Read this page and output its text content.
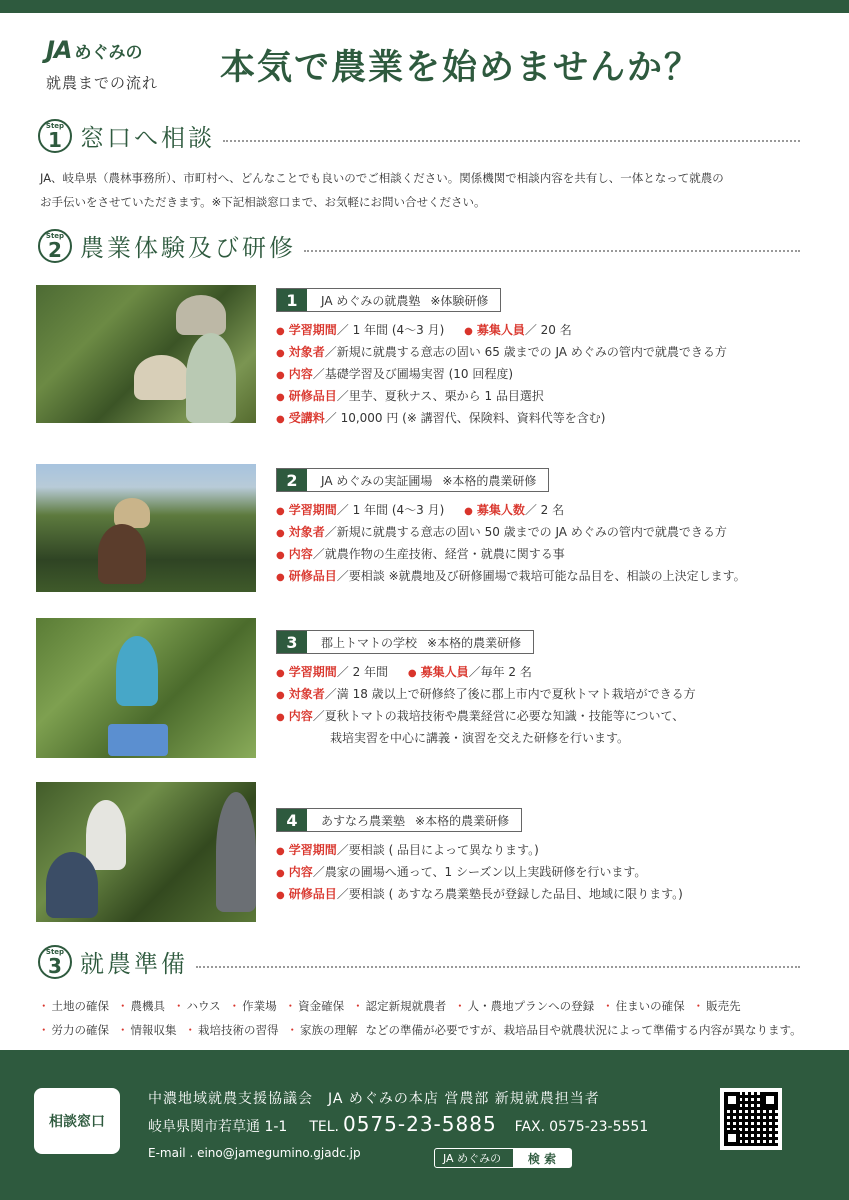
JA めぐみの
就農までの流れ	本気で農業を始めませんか？
Step
1 窓口へ相談
JA、岐阜県（農林事務所）、市町村へ、どんなことでも良いのでご相談ください。関係機関で相談内容を共有し、一体となって就農の
お手伝いをさせていただきます。※下記相談窓口まで、お気軽にお問い合せください。
Step
2 農業体験及び研修
1	JA めぐみの就農塾 ※体験研修
● 学習期間／ 1 年間 (4〜3 月) ● 募集人員／ 20 名
● 対象者／新規に就農する意志の固い 65 歳までの JA めぐみの管内で就農できる方
● 内容／基礎学習及び圃場実習 (10 回程度)
● 研修品目／里芋、夏秋ナス、栗から 1 品目選択
● 受講料／ 10,000 円 (※ 講習代、保険料、資料代等を含む)
2	JA めぐみの実証圃場 ※本格的農業研修
● 学習期間／ 1 年間 (4〜3 月) ● 募集人数／ 2 名
● 対象者／新規に就農する意志の固い 50 歳までの JA めぐみの管内で就農できる方
● 内容／就農作物の生産技術、経営・就農に関する事
● 研修品目／要相談 ※就農地及び研修圃場で栽培可能な品目を、相談の上決定します。
3	郡上トマトの学校 ※本格的農業研修
● 学習期間／ 2 年間 ● 募集人員／毎年 2 名
● 対象者／満 18 歳以上で研修終了後に郡上市内で夏秋トマト栽培ができる方
● 内容／夏秋トマトの栽培技術や農業経営に必要な知識・技能等について、
栽培実習を中心に講義・演習を交えた研修を行います。
4	あすなろ農業塾 ※本格的農業研修
● 学習期間／要相談 ( 品目によって異なります。)
● 内容／農家の圃場へ通って、1 シーズン以上実践研修を行います。
● 研修品目／要相談 ( あすなろ農業塾長が登録した品目、地域に限ります。)
Step
3 就農準備
・ 土地の確保 ・ 農機具 ・ ハウス ・ 作業場 ・ 資金確保 ・ 認定新規就農者 ・ 人・農地プランへの登録 ・ 住まいの確保 ・ 販売先
・ 労力の確保 ・ 情報収集 ・ 栽培技術の習得 ・ 家族の理解 などの準備が必要ですが、栽培品目や就農状況によって準備する内容が異なります。
相談窓口
中濃地域就農支援協議会　JA めぐみの本店 営農部 新規就農担当者
岐阜県関市若草通 1-1 TEL. 0575-23-5885 FAX. 0575-23-5551
E-mail . eino@jamegumino.gjadc.jp	JA めぐみの	検 索
